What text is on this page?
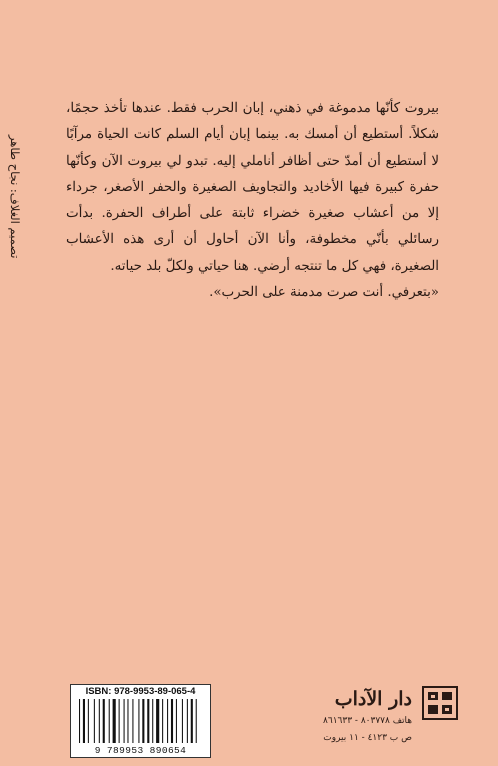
تصميم الغلاف: نجاح طاهر

بيروت كأنّها مدموغة في ذهني، إبان الحرب فقط. عندها تأخذ حجمًا، شكلاً. أستطيع أن أمسك به. بينما إبان أيام السلم كانت الحياة مرآبًا لا أستطيع أن أمدّ حتى أظافر أناملي إليه. تبدو لي بيروت الآن وكأنّها حفرة كبيرة فيها الأخاديد والتجاويف الصغيرة والحفر الأصغر، جرداء إلا من أعشاب صغيرة خضراء ثابتة على أطراف الحفرة. بدأت رسائلي بأنّي مخطوفة، وأنا الآن أحاول أن أرى هذه الأعشاب الصغيرة، فهي كل ما تنتجه أرضي. هنا حياتي ولكلّ بلد حياته.

«بتعرفي. أنت صرت مدمنة على الحرب».

ISBN: 978-9953-89-065-4
9 789953 890654
دار الآداب
هاتف ٨٠٣٧٧٨ - ٨٦١٦٣٣
ص ب ٤١٢٣ - ١١ بيروت
